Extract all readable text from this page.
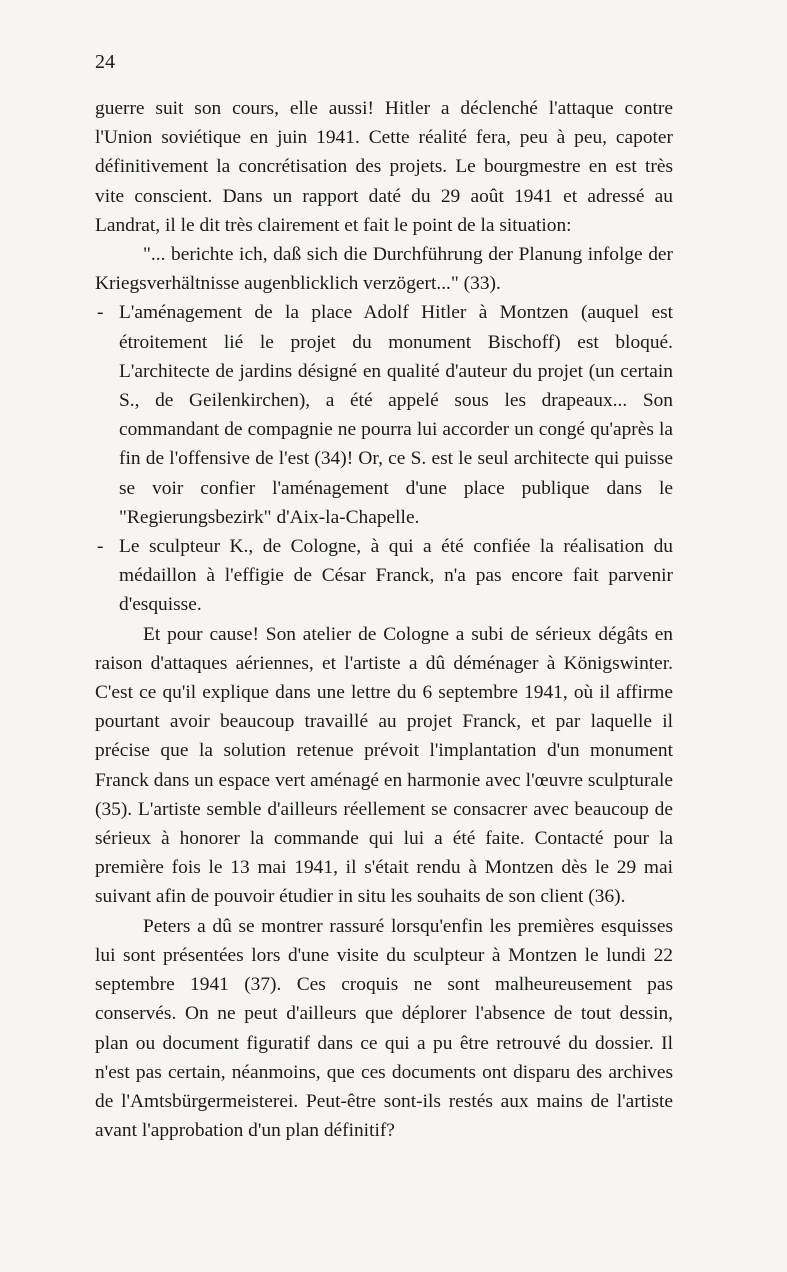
24

guerre suit son cours, elle aussi! Hitler a déclenché l'attaque contre l'Union soviétique en juin 1941. Cette réalité fera, peu à peu, capoter définitivement la concrétisation des projets. Le bourgmestre en est très vite conscient. Dans un rapport daté du 29 août 1941 et adressé au Landrat, il le dit très clairement et fait le point de la situation:

"... berichte ich, daß sich die Durchführung der Planung infolge der Kriegsverhältnisse augenblicklich verzögert..." (33).

- L'aménagement de la place Adolf Hitler à Montzen (auquel est étroitement lié le projet du monument Bischoff) est bloqué. L'architecte de jardins désigné en qualité d'auteur du projet (un certain S., de Geilenkirchen), a été appelé sous les drapeaux... Son commandant de compagnie ne pourra lui accorder un congé qu'après la fin de l'offensive de l'est (34)! Or, ce S. est le seul architecte qui puisse se voir confier l'aménagement d'une place publique dans le "Regierungsbezirk" d'Aix-la-Chapelle.

- Le sculpteur K., de Cologne, à qui a été confiée la réalisation du médaillon à l'effigie de César Franck, n'a pas encore fait parvenir d'esquisse.

Et pour cause! Son atelier de Cologne a subi de sérieux dégâts en raison d'attaques aériennes, et l'artiste a dû déménager à Königswinter. C'est ce qu'il explique dans une lettre du 6 septembre 1941, où il affirme pourtant avoir beaucoup travaillé au projet Franck, et par laquelle il précise que la solution retenue prévoit l'implantation d'un monument Franck dans un espace vert aménagé en harmonie avec l'œuvre sculpturale (35). L'artiste semble d'ailleurs réellement se consacrer avec beaucoup de sérieux à honorer la commande qui lui a été faite. Contacté pour la première fois le 13 mai 1941, il s'était rendu à Montzen dès le 29 mai suivant afin de pouvoir étudier in situ les souhaits de son client (36).

Peters a dû se montrer rassuré lorsqu'enfin les premières esquisses lui sont présentées lors d'une visite du sculpteur à Montzen le lundi 22 septembre 1941 (37). Ces croquis ne sont malheureusement pas conservés. On ne peut d'ailleurs que déplorer l'absence de tout dessin, plan ou document figuratif dans ce qui a pu être retrouvé du dossier. Il n'est pas certain, néanmoins, que ces documents ont disparu des archives de l'Amtsbürgermeisterei. Peut-être sont-ils restés aux mains de l'artiste avant l'approbation d'un plan définitif?
